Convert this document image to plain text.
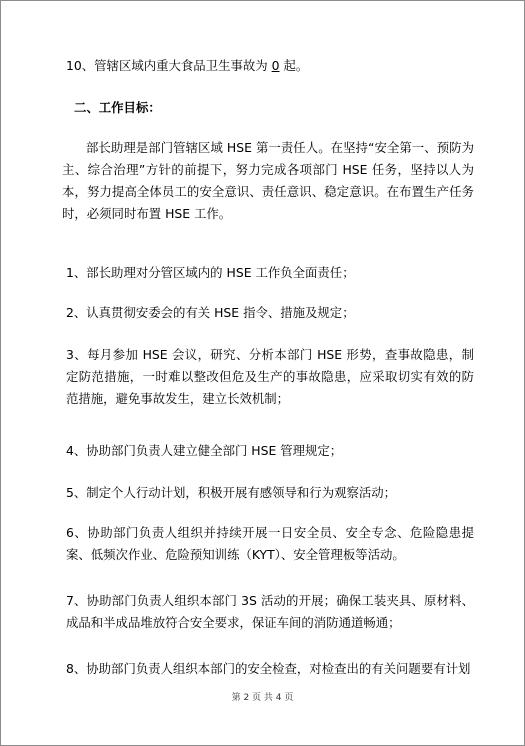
10、管辖区域内重大食品卫生事故为 0 起。

二、工作目标：

部长助理是部门管辖区域 HSE 第一责任人。在坚持“安全第一、预防为主、综合治理”方针的前提下，努力完成各项部门 HSE 任务，坚持以人为本，努力提高全体员工的安全意识、责任意识、稳定意识。在布置生产任务时，必须同时布置 HSE 工作。

1、部长助理对分管区域内的 HSE 工作负全面责任；

2、认真贯彻安委会的有关 HSE 指令、措施及规定；

3、每月参加 HSE 会议，研究、分析本部门 HSE 形势，查事故隐患，制定防范措施，一时难以整改但危及生产的事故隐患，应采取切实有效的防范措施，避免事故发生，建立长效机制；

4、协助部门负责人建立健全部门 HSE 管理规定；

5、制定个人行动计划，积极开展有感领导和行为观察活动；

6、协助部门负责人组织并持续开展一日安全员、安全专念、危险隐患提案、低频次作业、危险预知训练（KYT）、安全管理板等活动。

7、协助部门负责人组织本部门 3S 活动的开展；确保工装夹具、原材料、成品和半成品堆放符合安全要求，保证车间的消防通道畅通；

8、协助部门负责人组织本部门的安全检查，对检查出的有关问题要有计划

第 2 页 共 4 页
